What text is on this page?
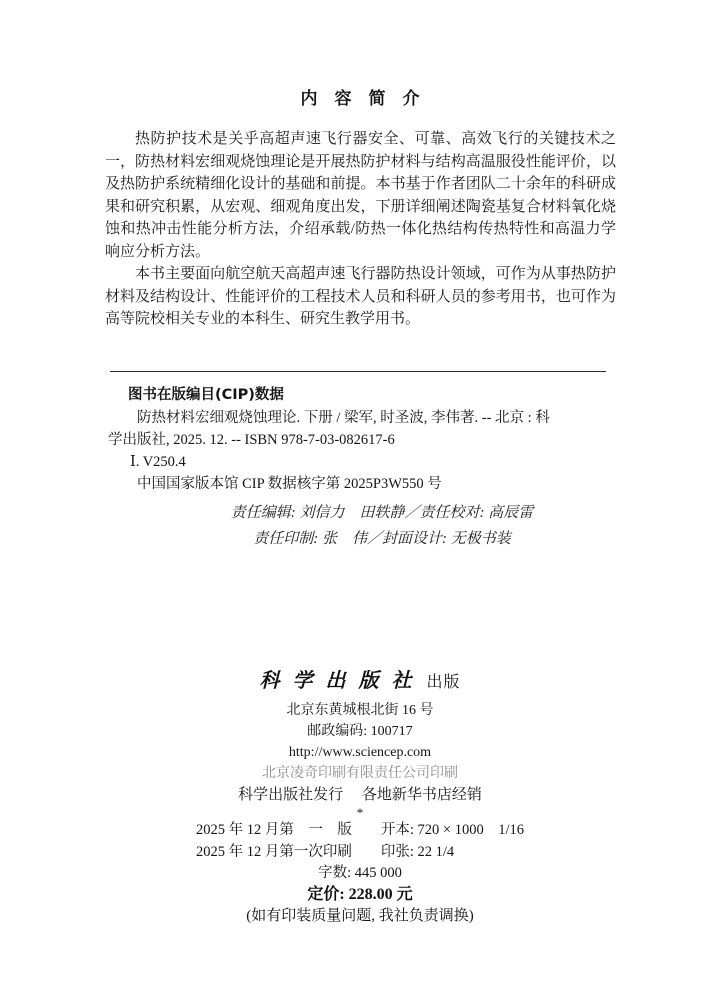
内容简介

热防护技术是关乎高超声速飞行器安全、可靠、高效飞行的关键技术之一，防热材料宏细观烧蚀理论是开展热防护材料与结构高温服役性能评价，以及热防护系统精细化设计的基础和前提。本书基于作者团队二十余年的科研成果和研究积累，从宏观、细观角度出发，下册详细阐述陶瓷基复合材料氧化烧蚀和热冲击性能分析方法，介绍承载/防热一体化热结构传热特性和高温力学响应分析方法。

本书主要面向航空航天高超声速飞行器防热设计领域，可作为从事热防护材料及结构设计、性能评价的工程技术人员和科研人员的参考用书，也可作为高等院校相关专业的本科生、研究生教学用书。

图书在版编目(CIP)数据
防热材料宏细观烧蚀理论. 下册 / 梁军, 时圣波, 李伟著. -- 北京 : 科
学出版社, 2025. 12. -- ISBN 978-7-03-082617-6
Ⅰ. V250.4
中国国家版本馆 CIP 数据核字第 2025P3W550 号
责任编辑: 刘信力　田轶静／责任校对: 高辰雷
责任印制: 张　伟／封面设计: 无极书装
科学出版社 出版
北京东黄城根北街 16 号
邮政编码: 100717
http://www.sciencep.com
北京凌奇印刷有限责任公司印刷
科学出版社发行　 各地新华书店经销
*
2025 年 12 月第　一　版　　开本: 720 × 1000　1/16
2025 年 12 月第一次印刷　　印张: 22 1/4
字数: 445 000
定价: 228.00 元
(如有印装质量问题, 我社负责调换)
